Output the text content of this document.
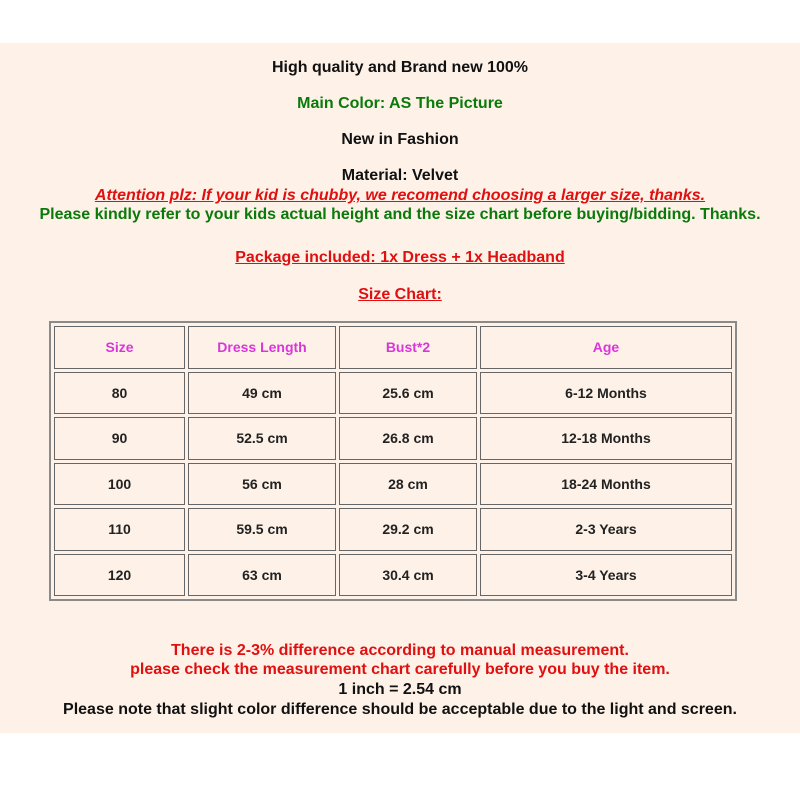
High quality and Brand new 100%
Main Color: AS The Picture
New in Fashion
Material: Velvet
Attention plz: If your kid is chubby, we recomend choosing a larger size, thanks.
Please kindly refer to your kids actual height and the size chart before buying/bidding. Thanks.
Package included: 1x Dress + 1x Headband
Size Chart:
Size	Dress Length	Bust*2	Age
80	49 cm	25.6 cm	6-12 Months
90	52.5 cm	26.8 cm	12-18 Months
100	56 cm	28 cm	18-24 Months
110	59.5 cm	29.2 cm	2-3 Years
120	63 cm	30.4 cm	3-4 Years
There is 2-3% difference according to manual measurement.
please check the measurement chart carefully before you buy the item.
1 inch = 2.54 cm
Please note that slight color difference should be acceptable due to the light and screen.
